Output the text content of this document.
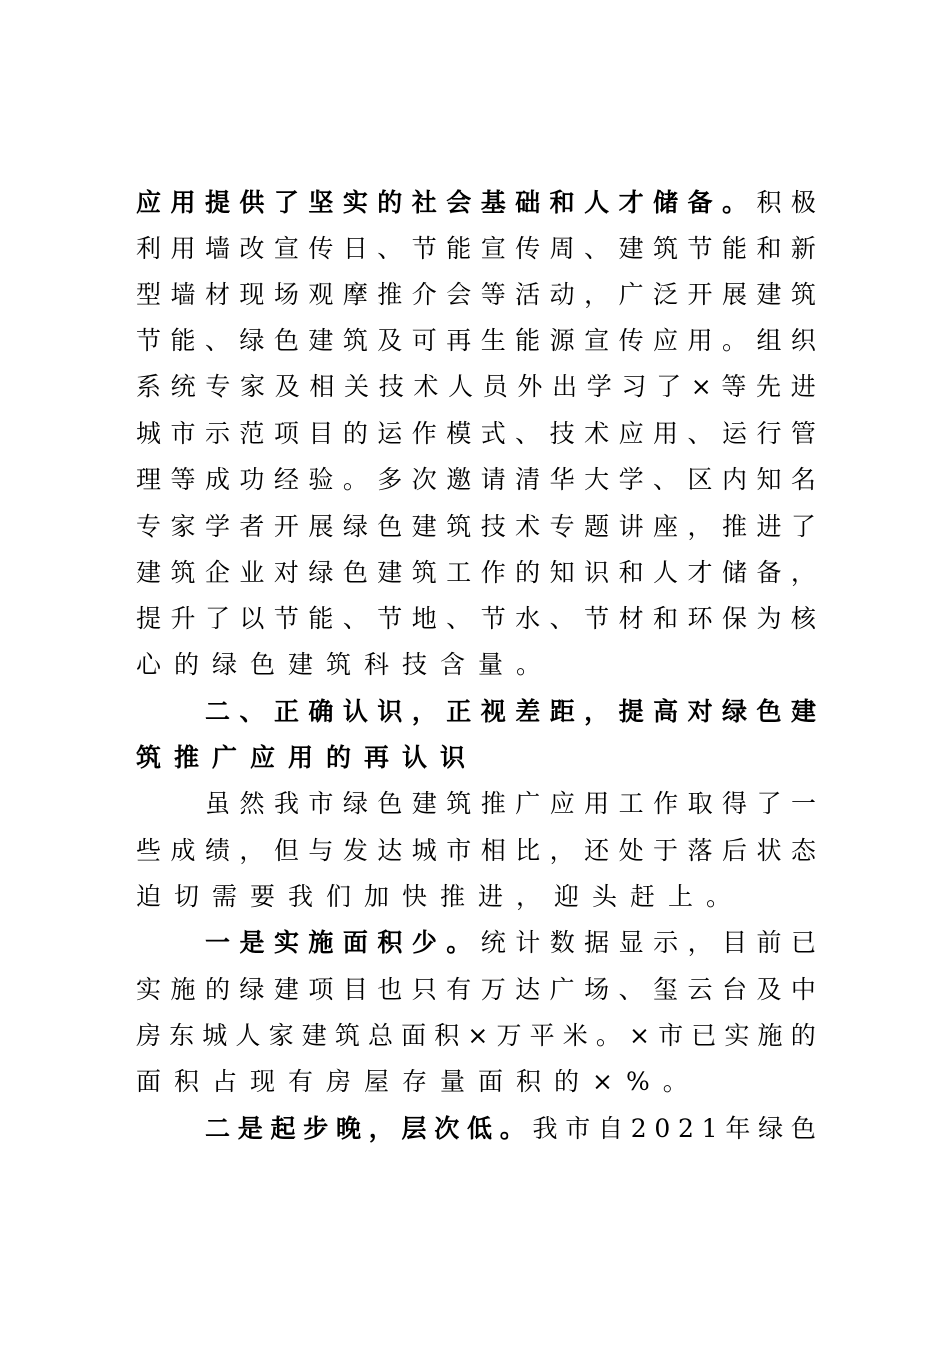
应 用 提 供 了 坚 实 的 社 会 基 础 和 人 才 储 备 。 积 极
利 用 墙 改 宣 传 日 、 节 能 宣 传 周 、 建 筑 节 能 和 新
型 墙 材 现 场 观 摩 推 介 会 等 活 动 ， 广 泛 开 展 建 筑
节 能 、 绿 色 建 筑 及 可 再 生 能 源 宣 传 应 用 。 组 织
系 统 专 家 及 相 关 技 术 人 员 外 出 学 习 了 × 等 先 进
城 市 示 范 项 目 的 运 作 模 式 、 技 术 应 用 、 运 行 管
理 等 成 功 经 验 。 多 次 邀 请 清 华 大 学 、 区 内 知 名
专 家 学 者 开 展 绿 色 建 筑 技 术 专 题 讲 座 ， 推 进 了
建 筑 企 业 对 绿 色 建 筑 工 作 的 知 识 和 人 才 储 备 ，
提 升 了 以 节 能 、 节 地 、 节 水 、 节 材 和 环 保 为 核
心的绿色建筑科技含量。
二 、 正 确 认 识 ， 正 视 差 距 ， 提 高 对 绿 色 建
筑推广应用的再认识
虽 然 我 市 绿 色 建 筑 推 广 应 用 工 作 取 得 了 一
些 成 绩 ， 但 与 发 达 城 市 相 比 ， 还 处 于 落 后 状 态
迫切需要我们加快推进，迎头赶上。
一 是 实 施 面 积 少 。 统 计 数 据 显 示 ， 目 前 已
实 施 的 绿 建 项 目 也 只 有 万 达 广 场 、 玺 云 台 及 中
房 东 城 人 家 建 筑 总 面 积 × 万 平 米 。 × 市 已 实 施 的
面积占现有房屋存量面积的×%。
二 是 起 步 晚 ， 层 次 低 。 我 市 自 2 0 2 1 年 绿 色
